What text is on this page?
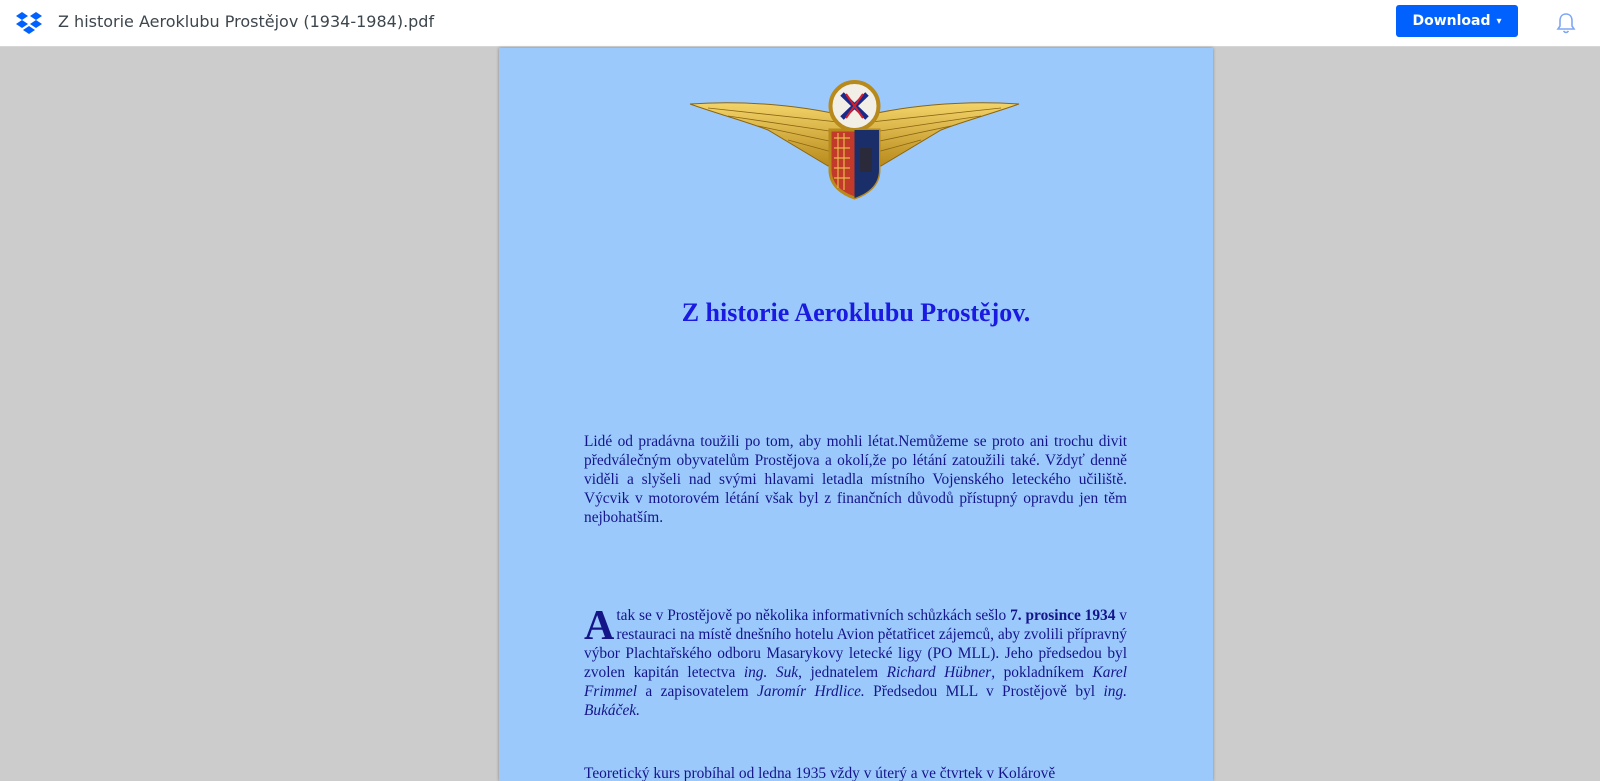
Z historie Aeroklubu Prostějov (1934-1984).pdf	Download ▾
Z historie Aeroklubu Prostějov.

Lidé od pradávna toužili po tom, aby mohli létat.Nemůžeme se proto ani trochu divit předválečným obyvatelům Prostějova a okolí,že po létání zatoužili také. Vždyť denně viděli a slyšeli nad svými hlavami letadla místního Vojenského leteckého učiliště. Výcvik v motorovém létání však byl z finančních důvodů přístupný opravdu jen těm nejbohatším.

A tak se v Prostějově po několika informativních schůzkách sešlo 7. prosince 1934 v restauraci na místě dnešního hotelu Avion pětatřicet zájemců, aby zvolili přípravný výbor Plachtařského odboru Masarykovy letecké ligy (PO MLL). Jeho předsedou byl zvolen kapitán letectva ing. Suk, jednatelem Richard Hübner, pokladníkem Karel Frimmel a zapisovatelem Jaromír Hrdlice. Předsedou MLL v Prostějově byl ing. Bukáček.

Teoretický kurs probíhal od ledna 1935 vždy v úterý a ve čtvrtek v Kolárově
